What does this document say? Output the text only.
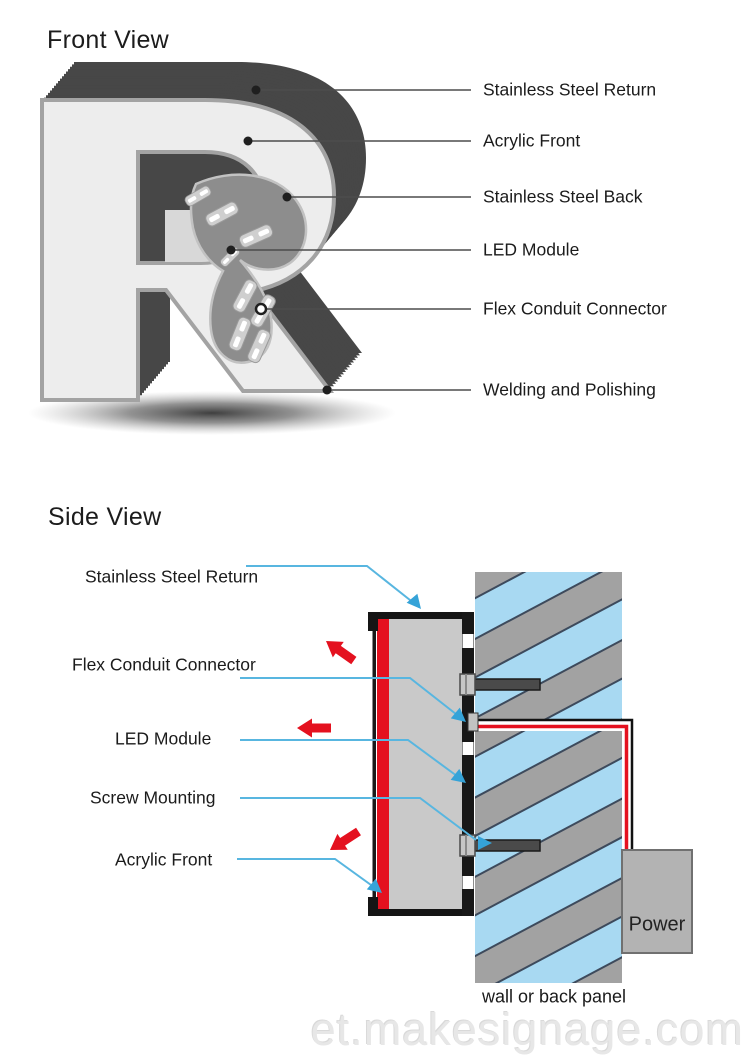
Front View
Side View
Stainless Steel Return
Acrylic Front
Stainless Steel Back
LED Module
Flex Conduit Connector
Welding and Polishing
Stainless Steel Return
Flex Conduit Connector
LED Module
Screw Mounting
Acrylic Front
Power
wall or back panel
et.makesignage.com
